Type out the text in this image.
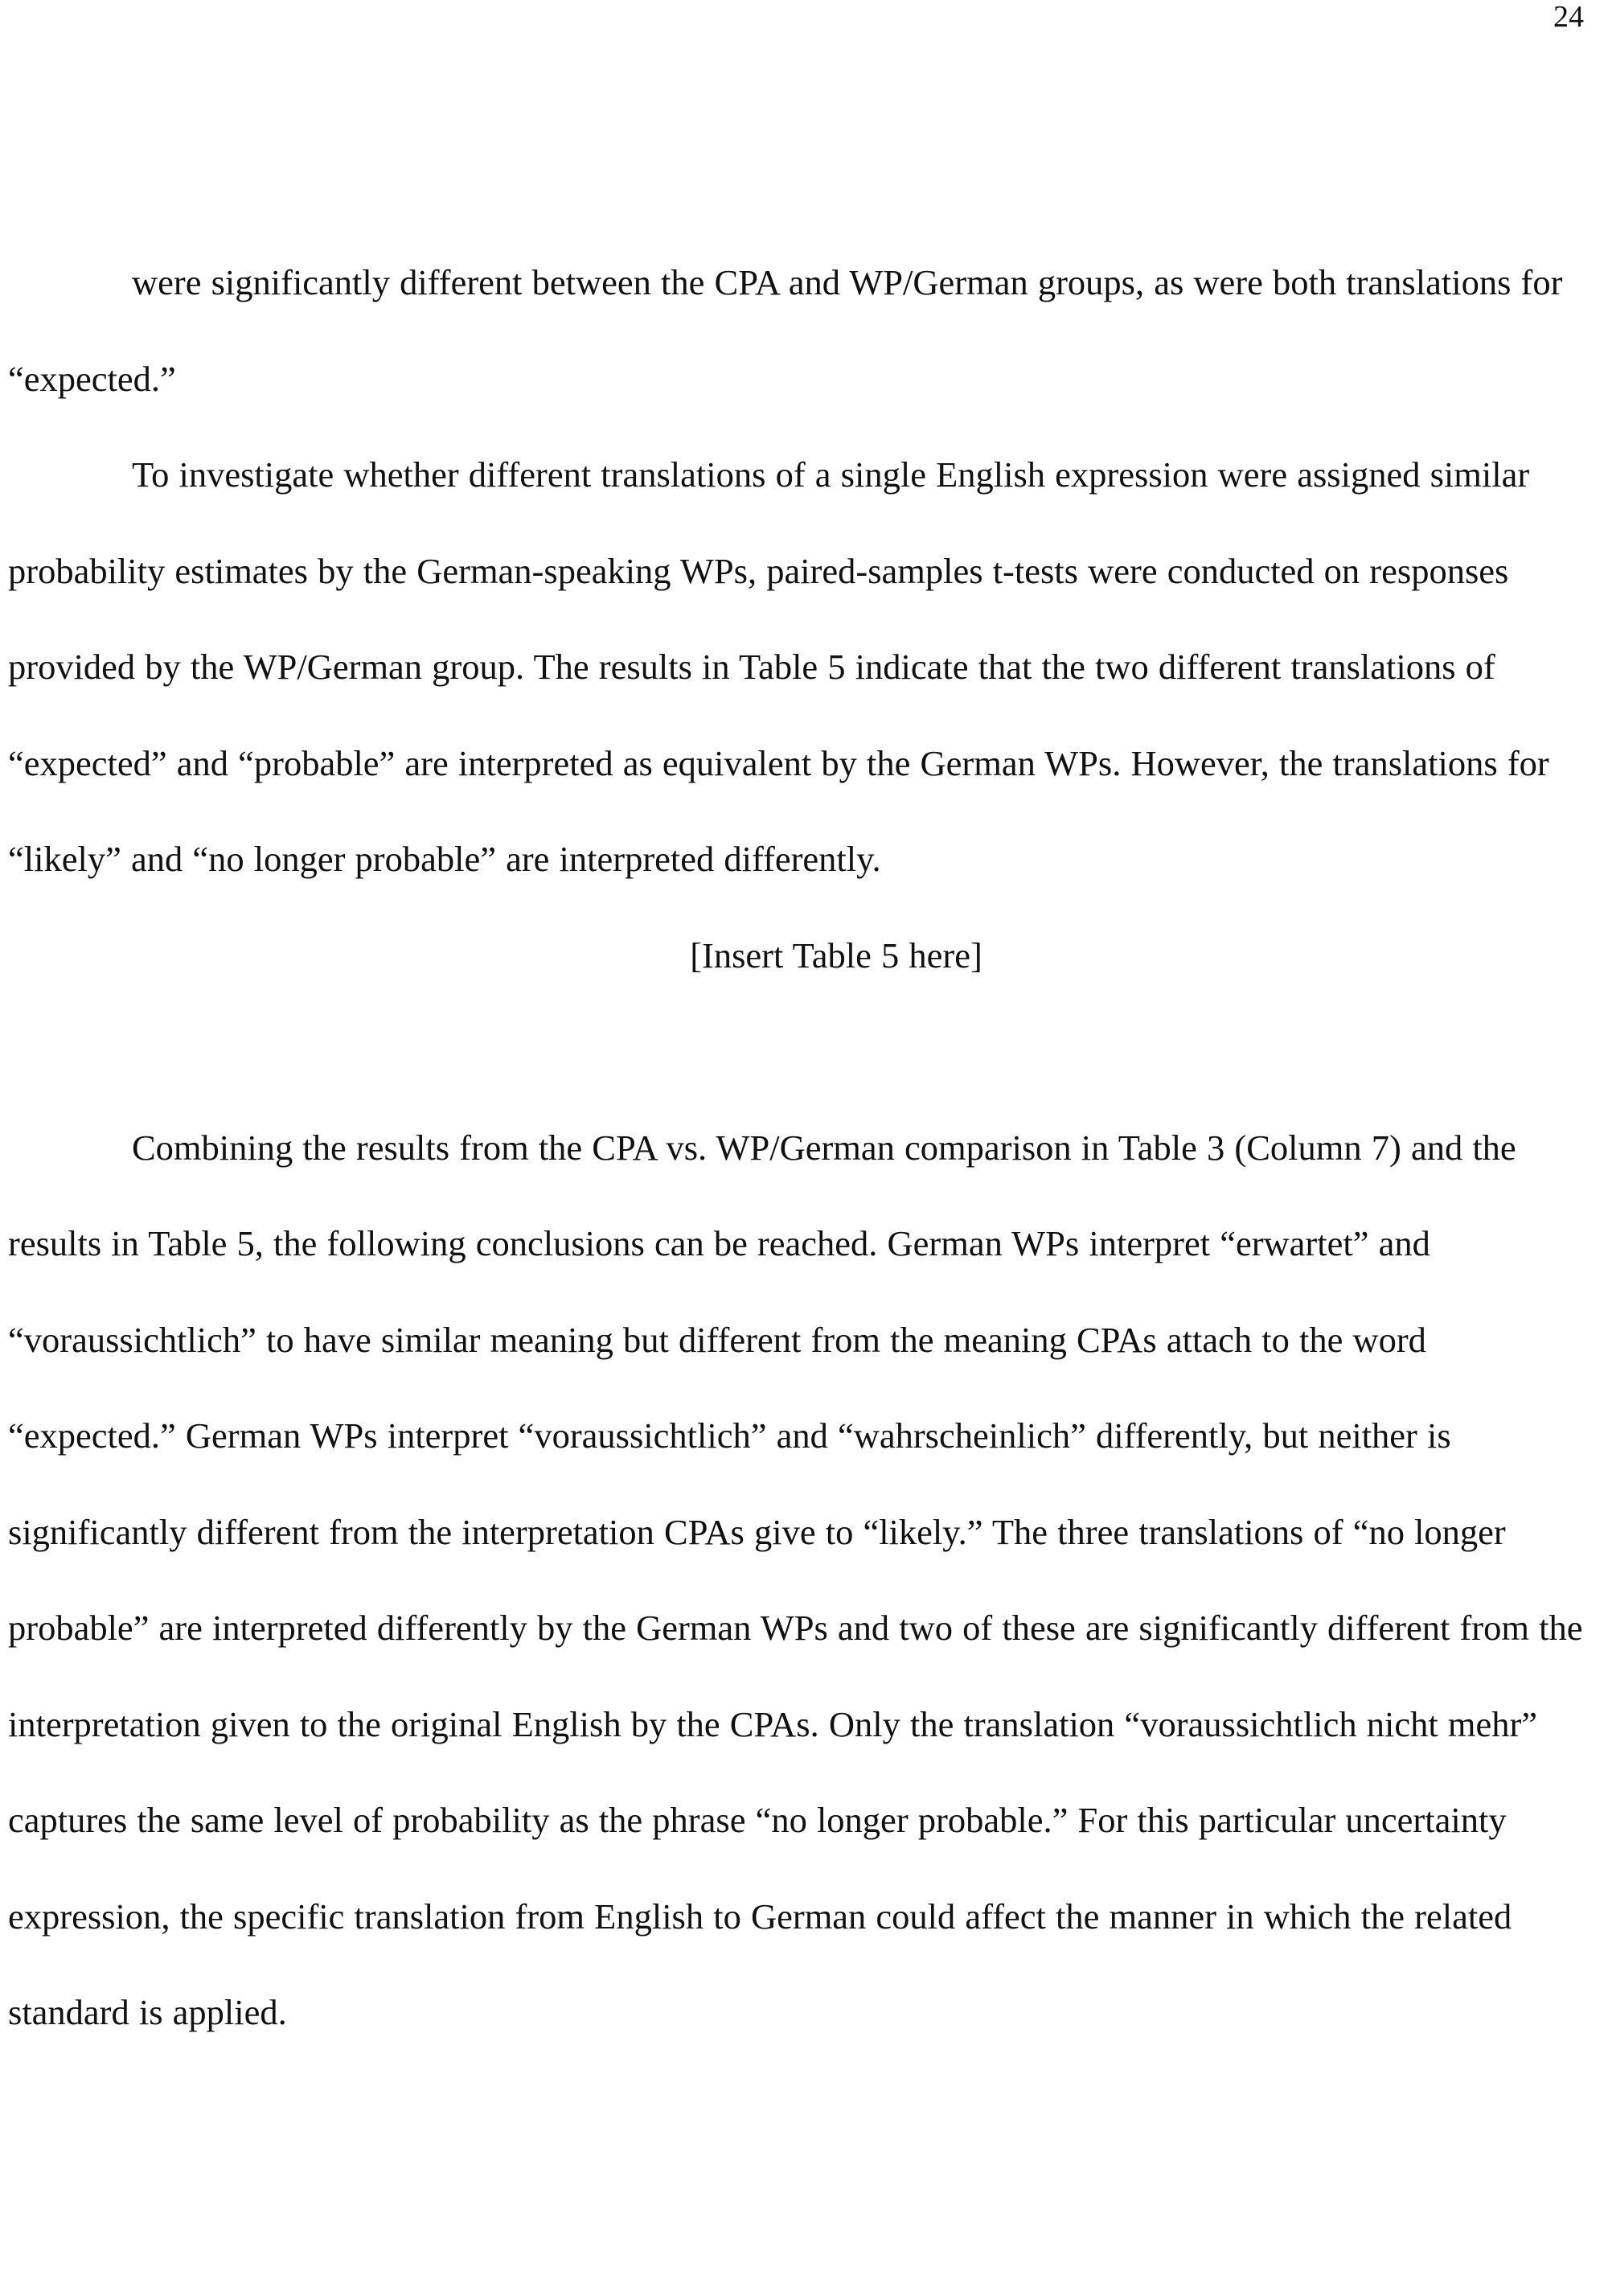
24

were significantly different between the CPA and WP/German groups, as were both translations for “expected.”

To investigate whether different translations of a single English expression were assigned similar probability estimates by the German-speaking WPs, paired-samples t-tests were conducted on responses provided by the WP/German group. The results in Table 5 indicate that the two different translations of “expected” and “probable” are interpreted as equivalent by the German WPs. However, the translations for “likely” and “no longer probable” are interpreted differently.

[Insert Table 5 here]

Combining the results from the CPA vs. WP/German comparison in Table 3 (Column 7) and the results in Table 5, the following conclusions can be reached. German WPs interpret “erwartet” and “voraussichtlich” to have similar meaning but different from the meaning CPAs attach to the word “expected.” German WPs interpret “voraussichtlich” and “wahrscheinlich” differently, but neither is significantly different from the interpretation CPAs give to “likely.” The three translations of “no longer probable” are interpreted differently by the German WPs and two of these are significantly different from the interpretation given to the original English by the CPAs. Only the translation “voraussichtlich nicht mehr” captures the same level of probability as the phrase “no longer probable.” For this particular uncertainty expression, the specific translation from English to German could affect the manner in which the related standard is applied.
